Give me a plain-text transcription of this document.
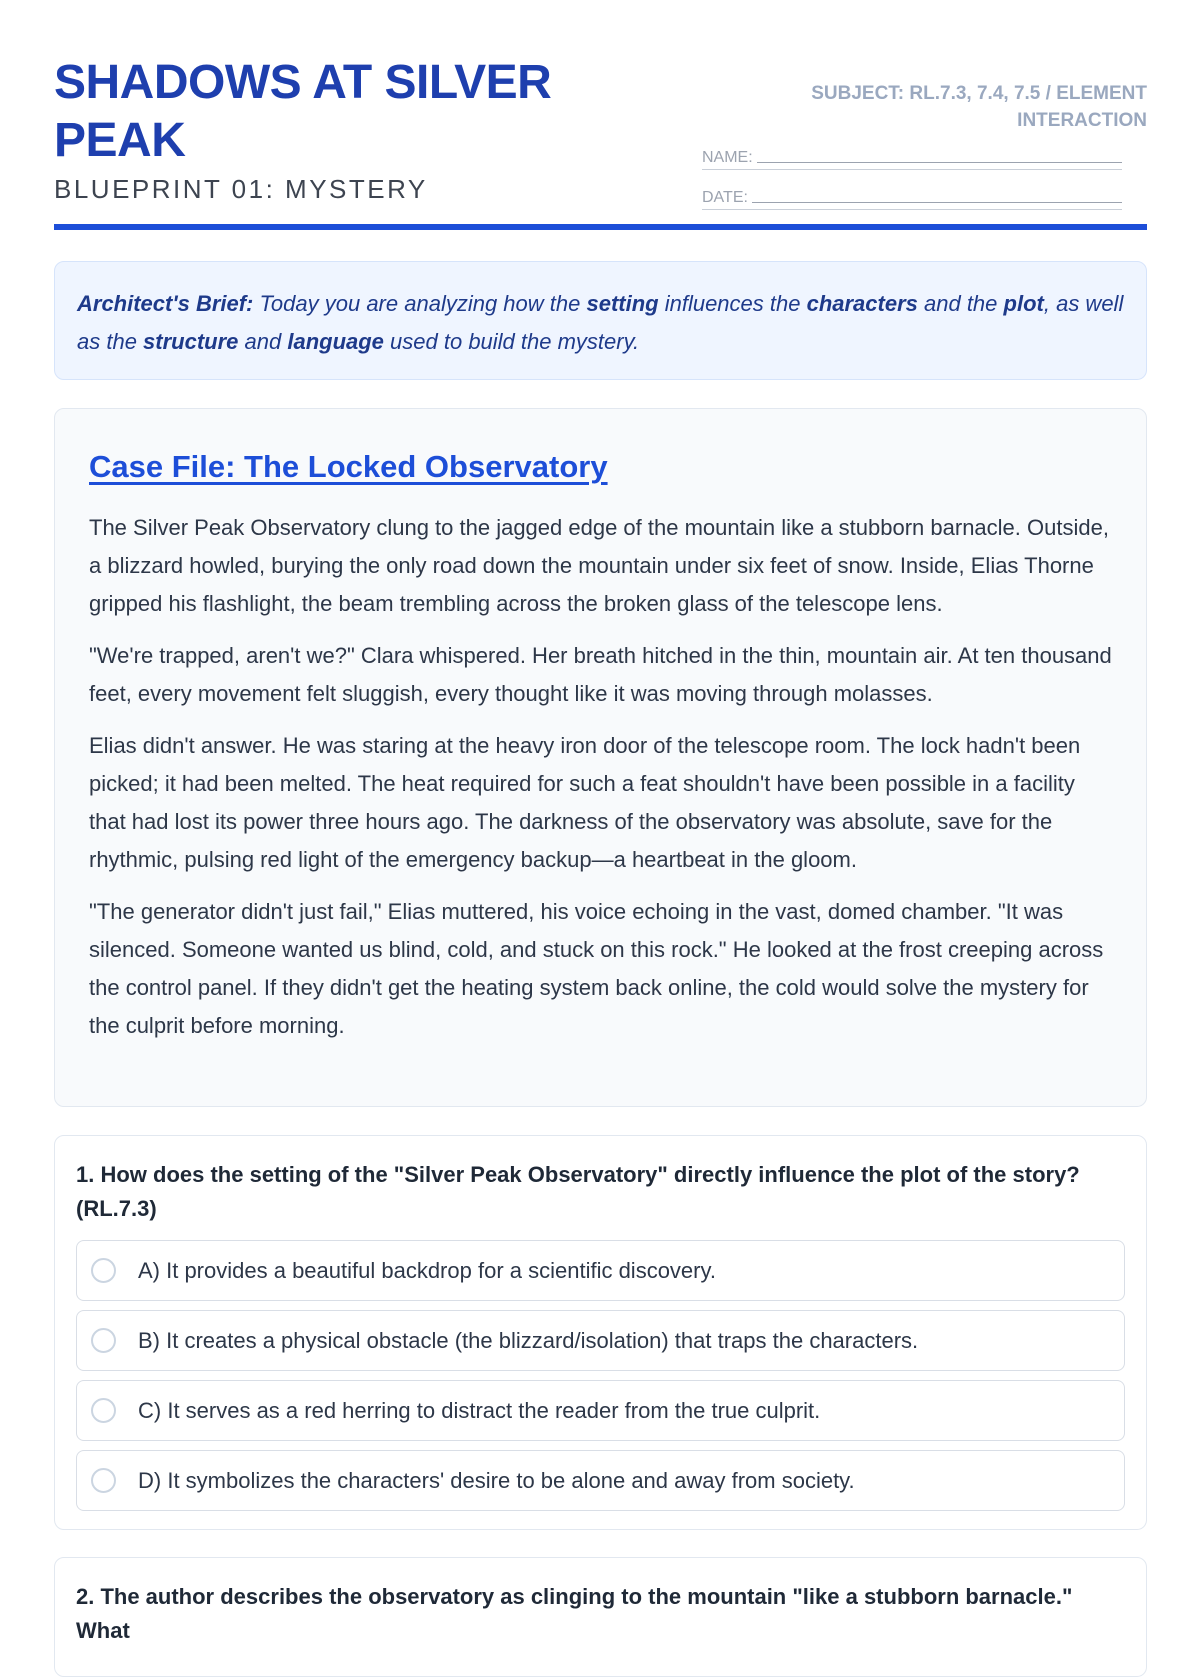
SHADOWS AT SILVER PEAK
BLUEPRINT 01: MYSTERY
SUBJECT: RL.7.3, 7.4, 7.5 / ELEMENT INTERACTION
NAME:
DATE:
Architect's Brief: Today you are analyzing how the setting influences the characters and the plot, as well as the structure and language used to build the mystery.
Case File: The Locked Observatory

The Silver Peak Observatory clung to the jagged edge of the mountain like a stubborn barnacle. Outside, a blizzard howled, burying the only road down the mountain under six feet of snow. Inside, Elias Thorne gripped his flashlight, the beam trembling across the broken glass of the telescope lens.

"We're trapped, aren't we?" Clara whispered. Her breath hitched in the thin, mountain air. At ten thousand feet, every movement felt sluggish, every thought like it was moving through molasses.

Elias didn't answer. He was staring at the heavy iron door of the telescope room. The lock hadn't been picked; it had been melted. The heat required for such a feat shouldn't have been possible in a facility that had lost its power three hours ago. The darkness of the observatory was absolute, save for the rhythmic, pulsing red light of the emergency backup—a heartbeat in the gloom.

"The generator didn't just fail," Elias muttered, his voice echoing in the vast, domed chamber. "It was silenced. Someone wanted us blind, cold, and stuck on this rock." He looked at the frost creeping across the control panel. If they didn't get the heating system back online, the cold would solve the mystery for the culprit before morning.

1. How does the setting of the "Silver Peak Observatory" directly influence the plot of the story? (RL.7.3)
A) It provides a beautiful backdrop for a scientific discovery.
B) It creates a physical obstacle (the blizzard/isolation) that traps the characters.
C) It serves as a red herring to distract the reader from the true culprit.
D) It symbolizes the characters' desire to be alone and away from society.
2. The author describes the observatory as clinging to the mountain "like a stubborn barnacle." What
